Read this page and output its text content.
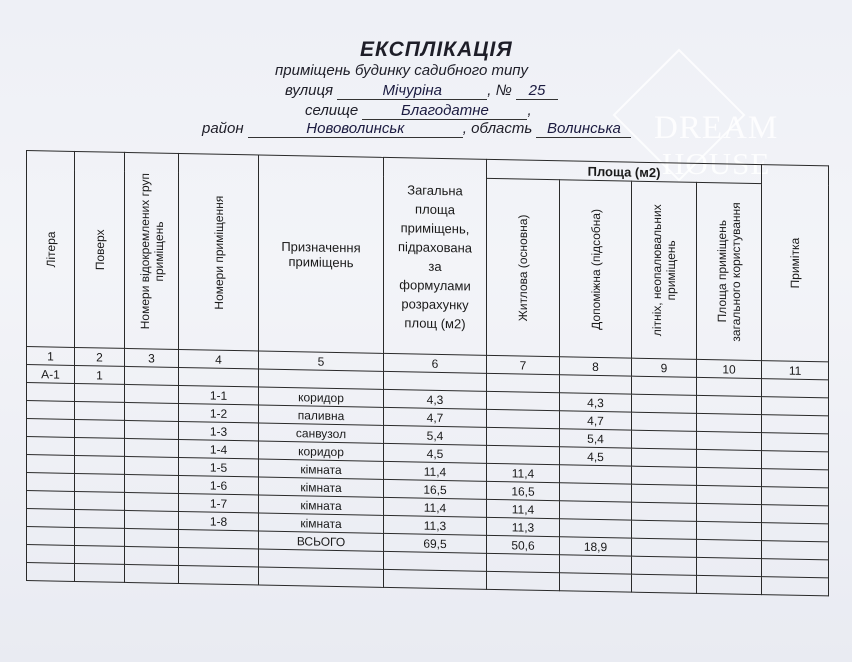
ЕКСПЛІКАЦІЯ
приміщень будинку садибного типу
вулиця	Мічуріна	, № 25
селище	Благодатне	,
район	Нововолинськ	, область Волинська	DREAM
HOUSE
Літера	Поверх	Номери відокремлених груп приміщень	Номери приміщення	Призначення приміщень	Загальна площа приміщень, підрахована за формулами розрахунку площ (м2)	Площа (м2)				Примітка

						Житлова (основна)	Допоміжна (підсобна)	літніх, неопалювальних приміщень	Площа приміщень загального користування	

1	2	3	4	5	6	7	8	9	10	11
А-1	1									
			1-1	коридор	4,3		4,3			
			1-2	паливна	4,7		4,7			
			1-3	санвузол	5,4		5,4			
			1-4	коридор	4,5		4,5			
			1-5	кімната	11,4	11,4				
			1-6	кімната	16,5	16,5				
			1-7	кімната	11,4	11,4				
			1-8	кімната	11,3	11,3				
				ВСЬОГО	69,5	50,6	18,9			
